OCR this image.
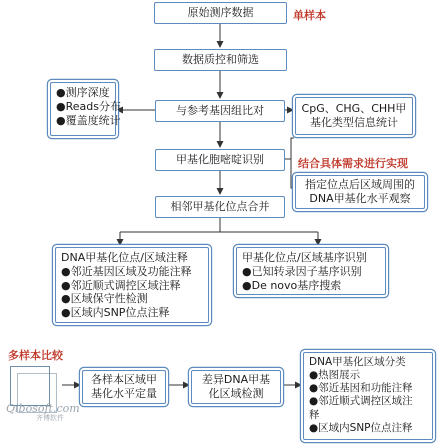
原始测序数据	单样本
数据质控和筛选
与参考基因组比对
●测序深度
●Reads分布
●覆盖度统计
CpG、CHG、CHH甲
基化类型信息统计
甲基化胞嘧啶识别	结合具体需求进行实现
指定位点后区域周围的
DNA甲基化水平观察
相邻甲基化位点合并
DNA甲基化位点/区域注释
●邻近基因区域及功能注释
●邻近顺式调控区域注释
●区域保守性检测
●区域内SNP位点注释
甲基化位点/区域基序识别
●已知转录因子基序识别
●De novo基序搜索
多样本比较
各样本区域甲
基化水平定量
差异DNA甲基
化区域检测
DNA甲基化区域分类
●热图展示
●邻近基因和功能注释
●邻近顺式调控区域注
释
●区域内SNP位点注释
Qibosoft.com
齐博软件
